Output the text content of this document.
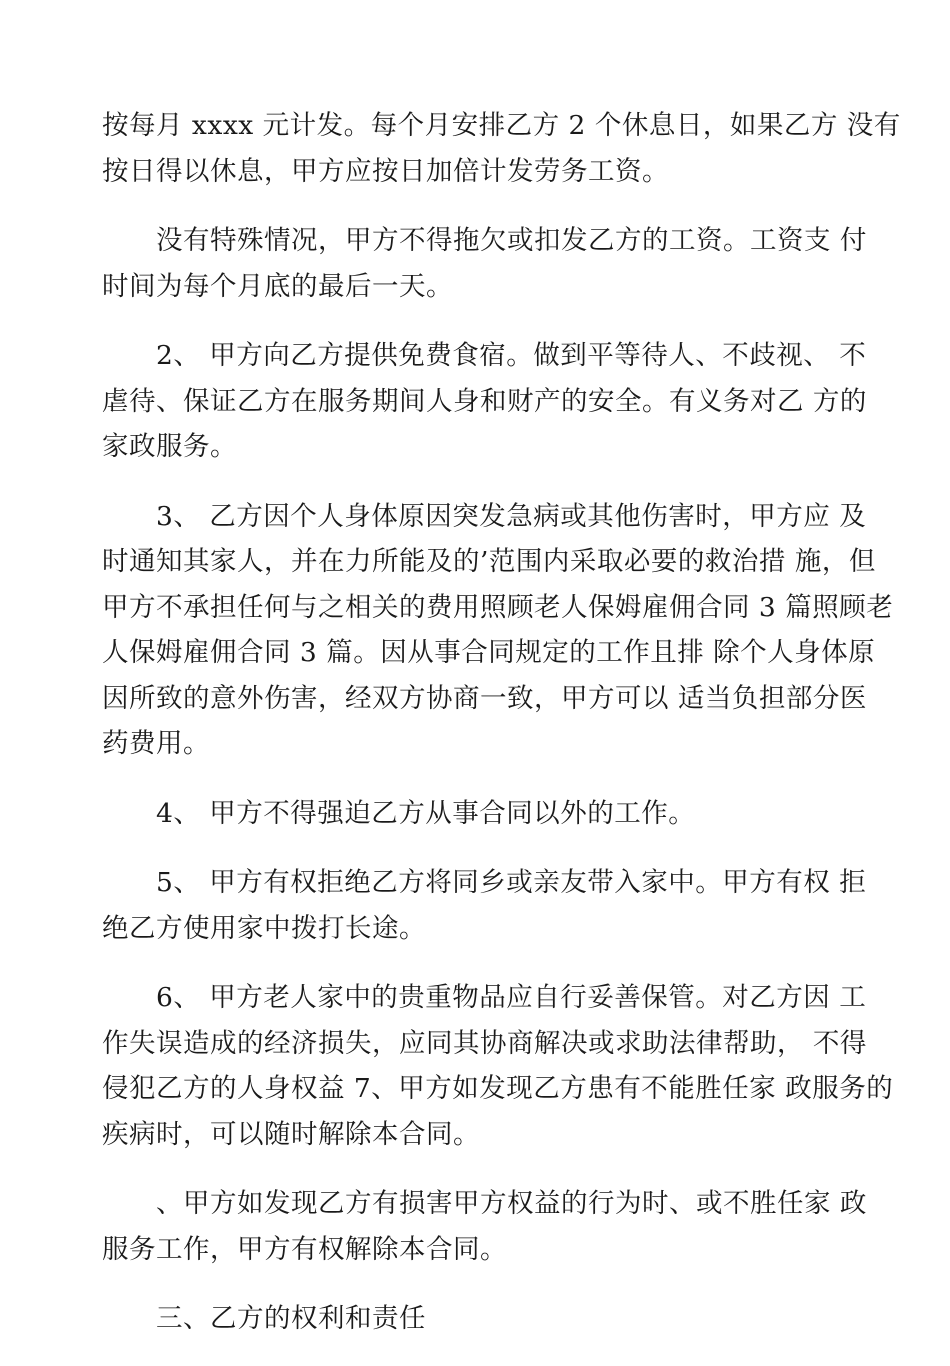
按每月 xxxx 元计发。每个月安排乙方 2 个休息日，如果乙方 没有
按日得以休息，甲方应按日加倍计发劳务工资。

没有特殊情况，甲方不得拖欠或扣发乙方的工资。工资支 付
时间为每个月底的最后一天。

2、 甲方向乙方提供免费食宿。做到平等待人、不歧视、 不
虐待、保证乙方在服务期间人身和财产的安全。有义务对乙 方的
家政服务。

3、 乙方因个人身体原因突发急病或其他伤害时，甲方应 及
时通知其家人，并在力所能及的’范围内采取必要的救治措 施，但
甲方不承担任何与之相关的费用照顾老人保姆雇佣合同 3 篇照顾老
人保姆雇佣合同 3 篇。因从事合同规定的工作且排 除个人身体原
因所致的意外伤害，经双方协商一致，甲方可以 适当负担部分医
药费用。

4、 甲方不得强迫乙方从事合同以外的工作。

5、 甲方有权拒绝乙方将同乡或亲友带入家中。甲方有权 拒
绝乙方使用家中拨打长途。

6、 甲方老人家中的贵重物品应自行妥善保管。对乙方因 工
作失误造成的经济损失，应同其协商解决或求助法律帮助， 不得
侵犯乙方的人身权益 7、甲方如发现乙方患有不能胜任家 政服务的
疾病时，可以随时解除本合同。

、甲方如发现乙方有损害甲方权益的行为时、或不胜任家 政
服务工作，甲方有权解除本合同。

三、乙方的权利和责任
